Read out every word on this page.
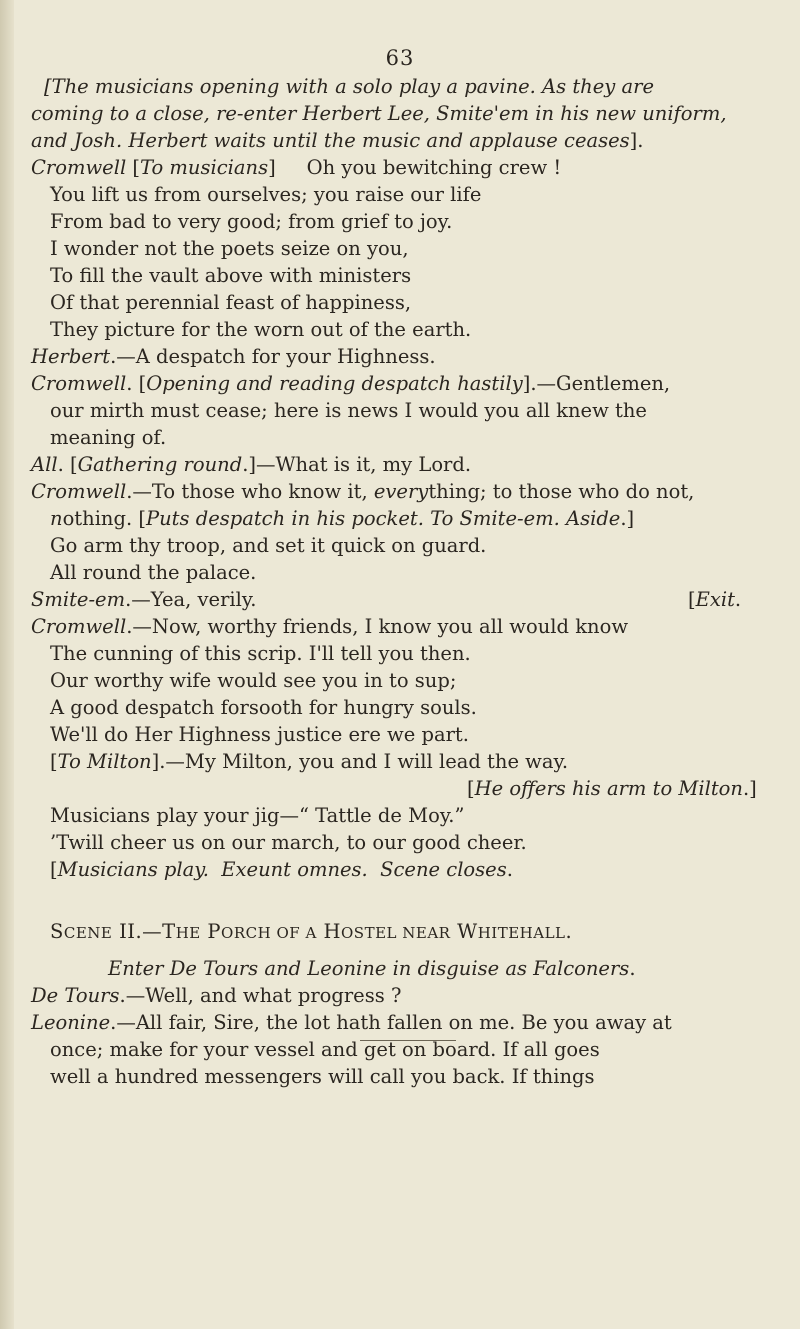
63
[The musicians opening with a solo play a pavine. As they are
coming to a close, re-enter Herbert Lee, Smite'em in his new uniform,
and Josh. Herbert waits until the music and applause ceases].
Cromwell [To musicians]     Oh you bewitching crew !
You lift us from ourselves; you raise our life
From bad to very good; from grief to joy.
I wonder not the poets seize on you,
To fill the vault above with ministers
Of that perennial feast of happiness,
They picture for the worn out of the earth.
Herbert.—A despatch for your Highness.
Cromwell. [Opening and reading despatch hastily].—Gentlemen,
our mirth must cease; here is news I would you all knew the
meaning of.
All. [Gathering round.]—What is it, my Lord.
Cromwell.—To those who know it, everything; to those who do not,
nothing. [Puts despatch in his pocket. To Smite-em. Aside.]
Go arm thy troop, and set it quick on guard.
All round the palace.
Smite-em.—Yea, verily.	[Exit.
Cromwell.—Now, worthy friends, I know you all would know
The cunning of this scrip. I'll tell you then.
Our worthy wife would see you in to sup;
A good despatch forsooth for hungry souls.
We'll do Her Highness justice ere we part.
[To Milton].—My Milton, you and I will lead the way.
[He offers his arm to Milton.]
Musicians play your jig—“ Tattle de Moy.”
’Twill cheer us on our march, to our good cheer.
[Musicians play.  Exeunt omnes.  Scene closes.
SCENE II.—THE PORCH OF A HOSTEL NEAR WHITEHALL.
Enter De Tours and Leonine in disguise as Falconers.
De Tours.—Well, and what progress ?
Leonine.—All fair, Sire, the lot hath fallen on me. Be you away at
once; make for your vessel and get on board. If all goes
well a hundred messengers will call you back. If things
